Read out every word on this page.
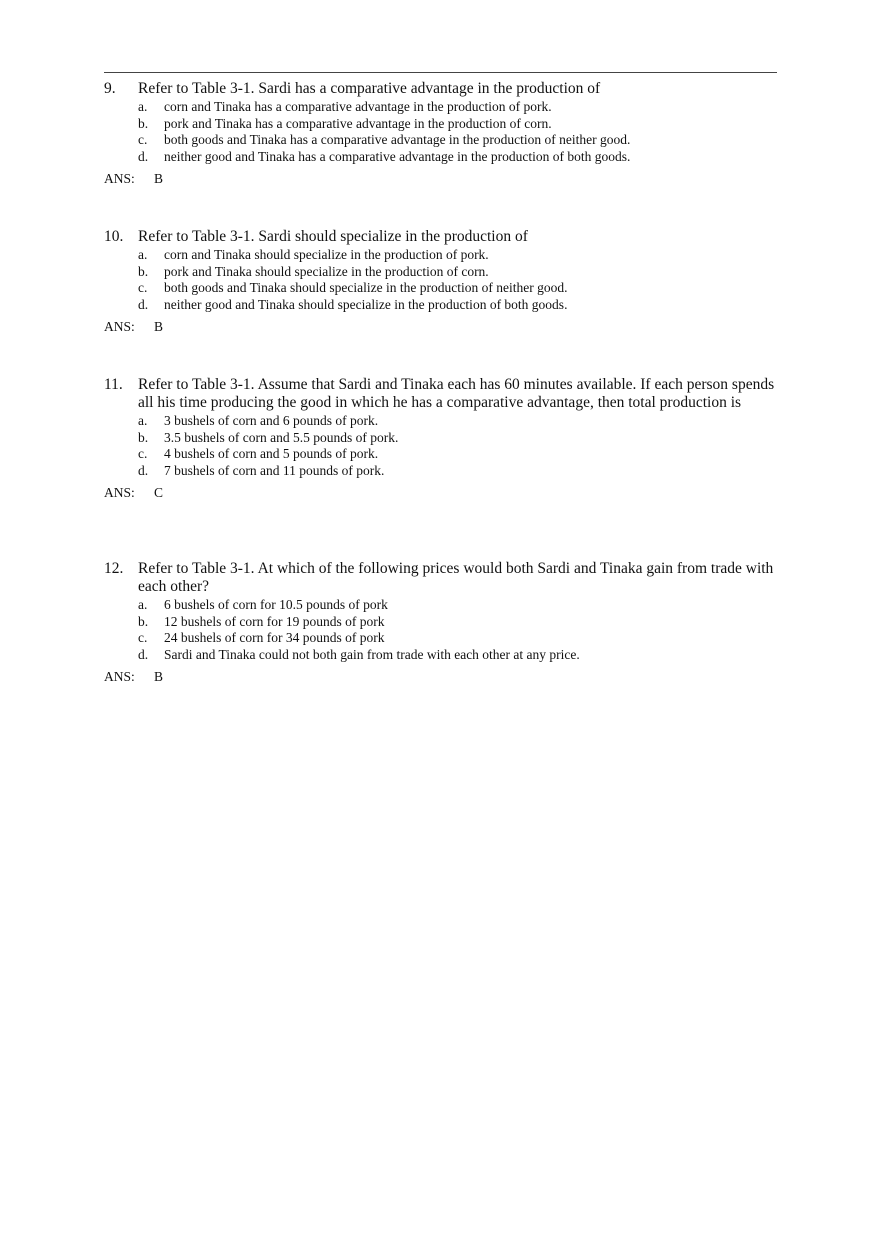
9. Refer to Table 3-1. Sardi has a comparative advantage in the production of
a. corn and Tinaka has a comparative advantage in the production of pork.
b. pork and Tinaka has a comparative advantage in the production of corn.
c. both goods and Tinaka has a comparative advantage in the production of neither good.
d. neither good and Tinaka has a comparative advantage in the production of both goods.
ANS: B
10. Refer to Table 3-1. Sardi should specialize in the production of
a. corn and Tinaka should specialize in the production of pork.
b. pork and Tinaka should specialize in the production of corn.
c. both goods and Tinaka should specialize in the production of neither good.
d. neither good and Tinaka should specialize in the production of both goods.
ANS: B
11. Refer to Table 3-1. Assume that Sardi and Tinaka each has 60 minutes available. If each person spends all his time producing the good in which he has a comparative advantage, then total production is
a. 3 bushels of corn and 6 pounds of pork.
b. 3.5 bushels of corn and 5.5 pounds of pork.
c. 4 bushels of corn and 5 pounds of pork.
d. 7 bushels of corn and 11 pounds of pork.
ANS: C
12. Refer to Table 3-1. At which of the following prices would both Sardi and Tinaka gain from trade with each other?
a. 6 bushels of corn for 10.5 pounds of pork
b. 12 bushels of corn for 19 pounds of pork
c. 24 bushels of corn for 34 pounds of pork
d. Sardi and Tinaka could not both gain from trade with each other at any price.
ANS: B
